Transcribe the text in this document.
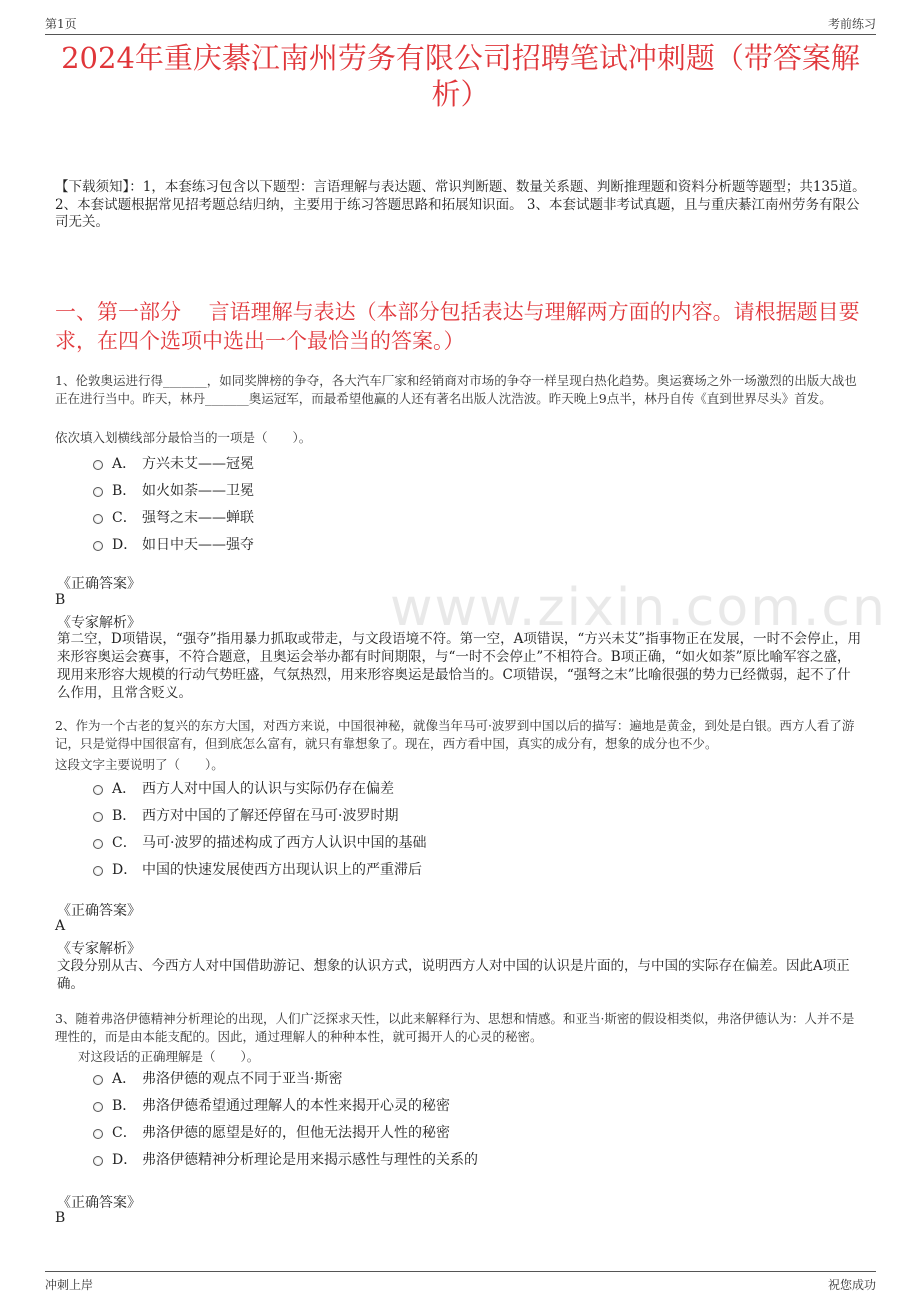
第1页	考前练习
www.zixin.com.cn
2024年重庆綦江南州劳务有限公司招聘笔试冲刺题（带答案解析）
【下载须知】：1，本套练习包含以下题型：言语理解与表达题、常识判断题、数量关系题、判断推理题和资料分析题等题型；共135道。 2、本套试题根据常见招考题总结归纳，主要用于练习答题思路和拓展知识面。 3、本套试题非考试真题，且与重庆綦江南州劳务有限公司无关。
一、第一部分　 言语理解与表达（本部分包括表达与理解两方面的内容。请根据题目要求，在四个选项中选出一个最恰当的答案。）
1、伦敦奥运进行得_______，如同奖牌榜的争夺，各大汽车厂家和经销商对市场的争夺一样呈现白热化趋势。奥运赛场之外一场激烈的出版大战也正在进行当中。昨天，林丹_______奥运冠军，而最希望他赢的人还有著名出版人沈浩波。昨天晚上9点半，林丹自传《直到世界尽头》首发。
依次填入划横线部分最恰当的一项是（　　）。
A． 方兴未艾——冠冕
B． 如火如荼——卫冕
C． 强弩之末——蝉联
D． 如日中天——强夺
《正确答案》
B
《专家解析》
第二空，D项错误，“强夺”指用暴力抓取或带走，与文段语境不符。第一空，A项错误，“方兴未艾”指事物正在发展，一时不会停止，用来形容奥运会赛事，不符合题意，且奥运会举办都有时间期限，与“一时不会停止”不相符合。B项正确，“如火如荼”原比喻军容之盛，现用来形容大规模的行动气势旺盛，气氛热烈，用来形容奥运是最恰当的。C项错误，“强弩之末”比喻很强的势力已经微弱，起不了什么作用，且常含贬义。
2、作为一个古老的复兴的东方大国，对西方来说，中国很神秘，就像当年马可·波罗到中国以后的描写：遍地是黄金，到处是白银。西方人看了游记，只是觉得中国很富有，但到底怎么富有，就只有靠想象了。现在，西方看中国，真实的成分有，想象的成分也不少。
这段文字主要说明了（　　）。
A． 西方人对中国人的认识与实际仍存在偏差
B． 西方对中国的了解还停留在马可·波罗时期
C． 马可·波罗的描述构成了西方人认识中国的基础
D． 中国的快速发展使西方出现认识上的严重滞后
《正确答案》
A
《专家解析》
文段分别从古、今西方人对中国借助游记、想象的认识方式，说明西方人对中国的认识是片面的，与中国的实际存在偏差。因此A项正确。
3、随着弗洛伊德精神分析理论的出现，人们广泛探求天性，以此来解释行为、思想和情感。和亚当·斯密的假设相类似，弗洛伊德认为：人并不是理性的，而是由本能支配的。因此，通过理解人的种种本性，就可揭开人的心灵的秘密。
对这段话的正确理解是（　　）。
A． 弗洛伊德的观点不同于亚当·斯密
B． 弗洛伊德希望通过理解人的本性来揭开心灵的秘密
C． 弗洛伊德的愿望是好的，但他无法揭开人性的秘密
D． 弗洛伊德精神分析理论是用来揭示感性与理性的关系的
《正确答案》
B
冲刺上岸	祝您成功
